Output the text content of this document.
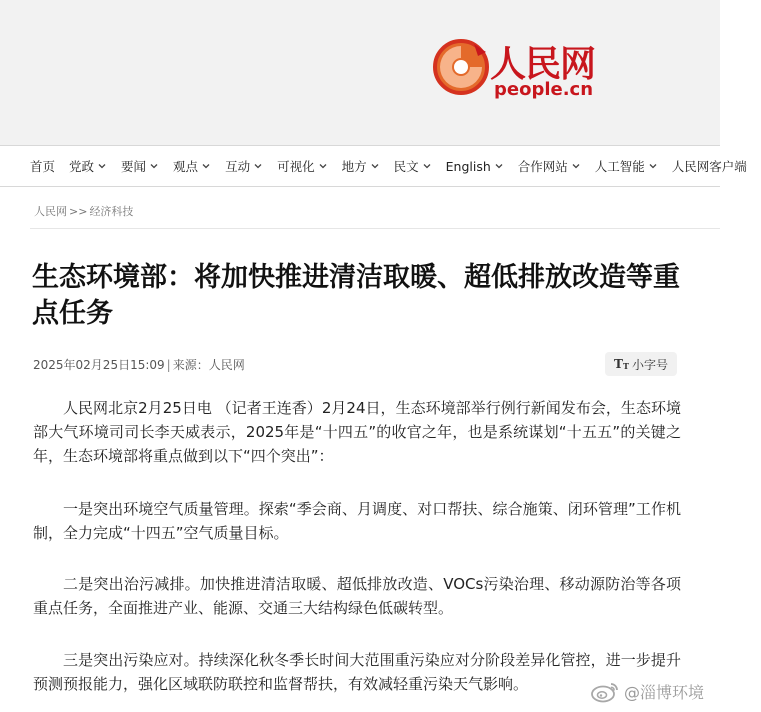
人民网
people.cn
首页 党政 要闻 观点 互动 可视化 地方 民文 English 合作网站 人工智能 人民网客户端
人民网 >> 经济科技
生态环境部：将加快推进清洁取暖、超低排放改造等重点任务
2025年02月25日15:09 | 来源：人民网	$T_T$ 小字号

人民网北京2月25日电 （记者王连香）2月24日，生态环境部举行例行新闻发布会，生态环境部大气环境司司长李天威表示，2025年是“十四五”的收官之年，也是系统谋划“十五五”的关键之年，生态环境部将重点做到以下“四个突出”：

一是突出环境空气质量管理。探索“季会商、月调度、对口帮扶、综合施策、闭环管理”工作机制，全力完成“十四五”空气质量目标。

二是突出治污减排。加快推进清洁取暖、超低排放改造、VOCs污染治理、移动源防治等各项重点任务，全面推进产业、能源、交通三大结构绿色低碳转型。

三是突出污染应对。持续深化秋冬季长时间大范围重污染应对分阶段差异化管控，进一步提升预测预报能力，强化区域联防联控和监督帮扶，有效减轻重污染天气影响。	@淄博环境
